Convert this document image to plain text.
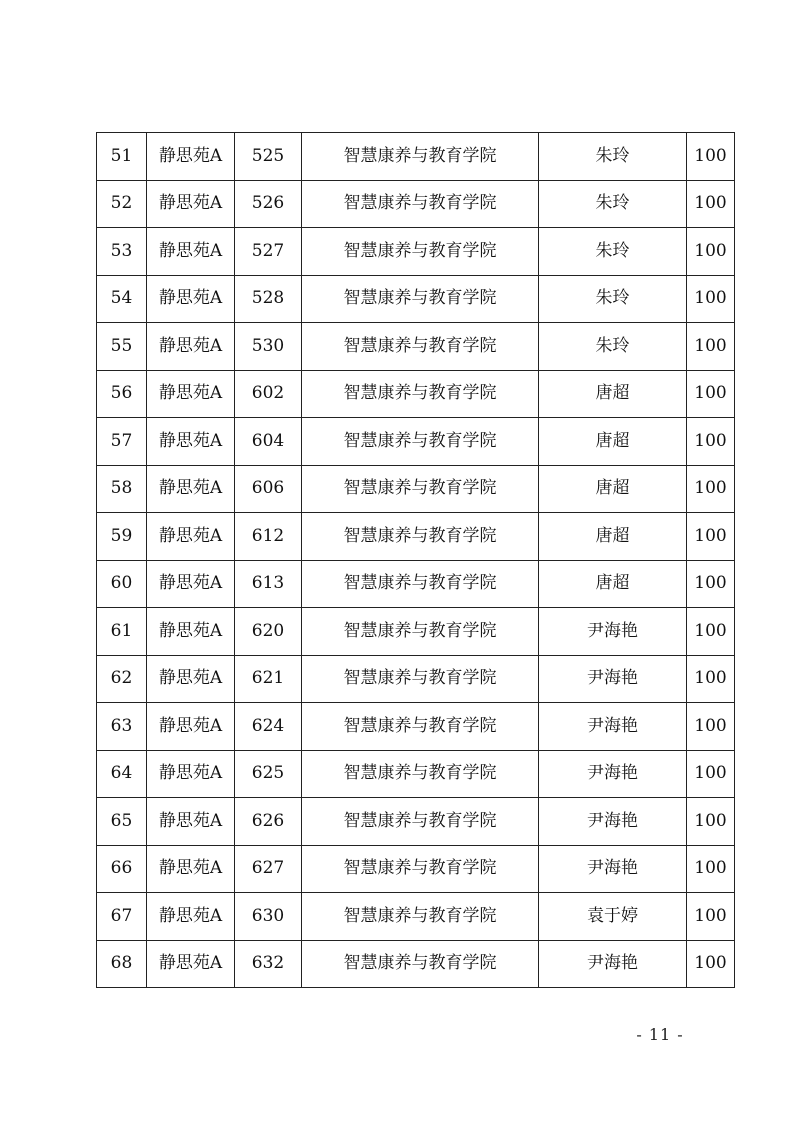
51	静思苑A	525	智慧康养与教育学院	朱玲	100
52	静思苑A	526	智慧康养与教育学院	朱玲	100
53	静思苑A	527	智慧康养与教育学院	朱玲	100
54	静思苑A	528	智慧康养与教育学院	朱玲	100
55	静思苑A	530	智慧康养与教育学院	朱玲	100
56	静思苑A	602	智慧康养与教育学院	唐超	100
57	静思苑A	604	智慧康养与教育学院	唐超	100
58	静思苑A	606	智慧康养与教育学院	唐超	100
59	静思苑A	612	智慧康养与教育学院	唐超	100
60	静思苑A	613	智慧康养与教育学院	唐超	100
61	静思苑A	620	智慧康养与教育学院	尹海艳	100
62	静思苑A	621	智慧康养与教育学院	尹海艳	100
63	静思苑A	624	智慧康养与教育学院	尹海艳	100
64	静思苑A	625	智慧康养与教育学院	尹海艳	100
65	静思苑A	626	智慧康养与教育学院	尹海艳	100
66	静思苑A	627	智慧康养与教育学院	尹海艳	100
67	静思苑A	630	智慧康养与教育学院	袁于婷	100
68	静思苑A	632	智慧康养与教育学院	尹海艳	100
- 11 -
